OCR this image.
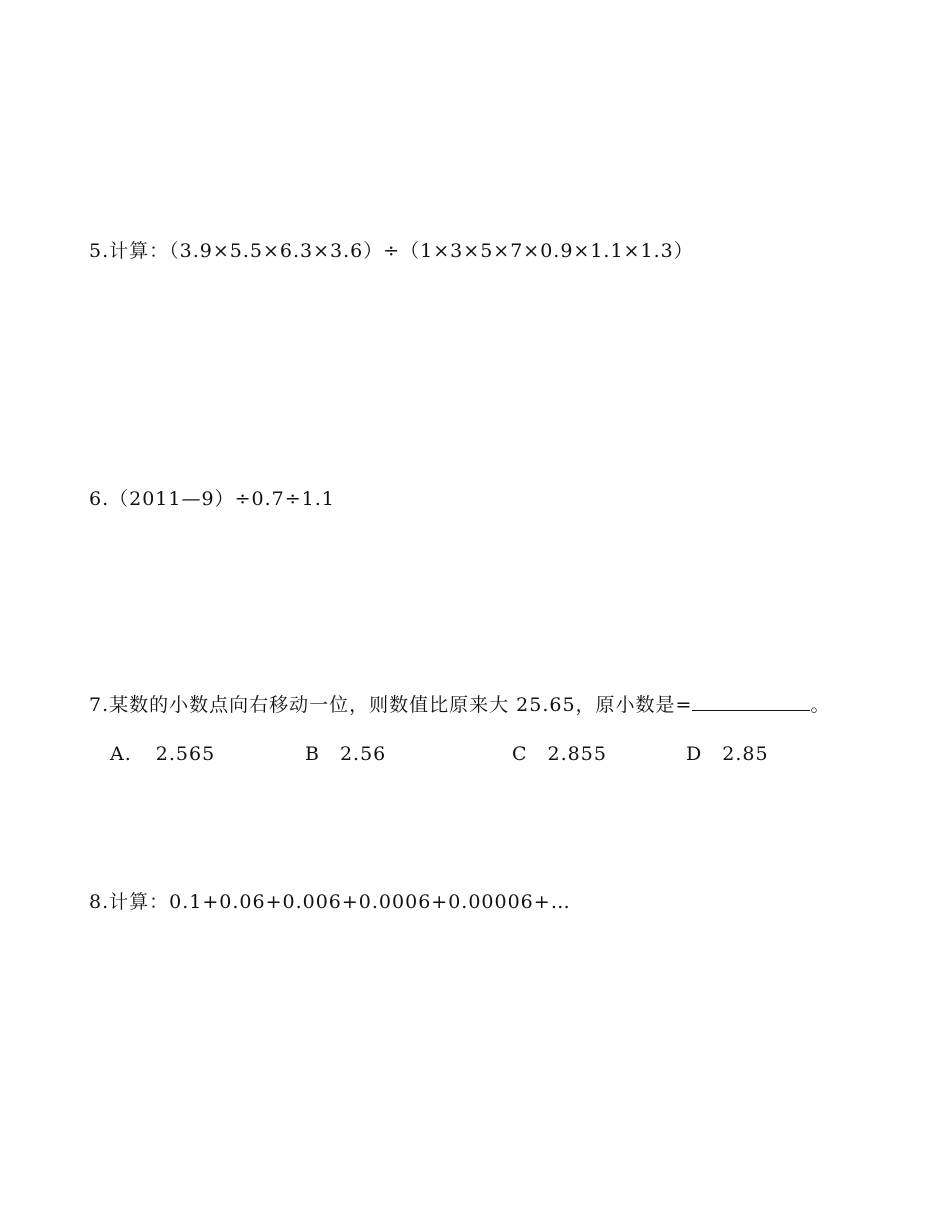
5.计算：（3.9×5.5×6.3×3.6）÷（1×3×5×7×0.9×1.1×1.3）
6.（2011—9）÷0.7÷1.1
7.某数的小数点向右移动一位，则数值比原来大 25.65，原小数是=	。
A. 2.565	B 2.56	C 2.855	D 2.85
8.计算：0.1+0.06+0.006+0.0006+0.00006+…
